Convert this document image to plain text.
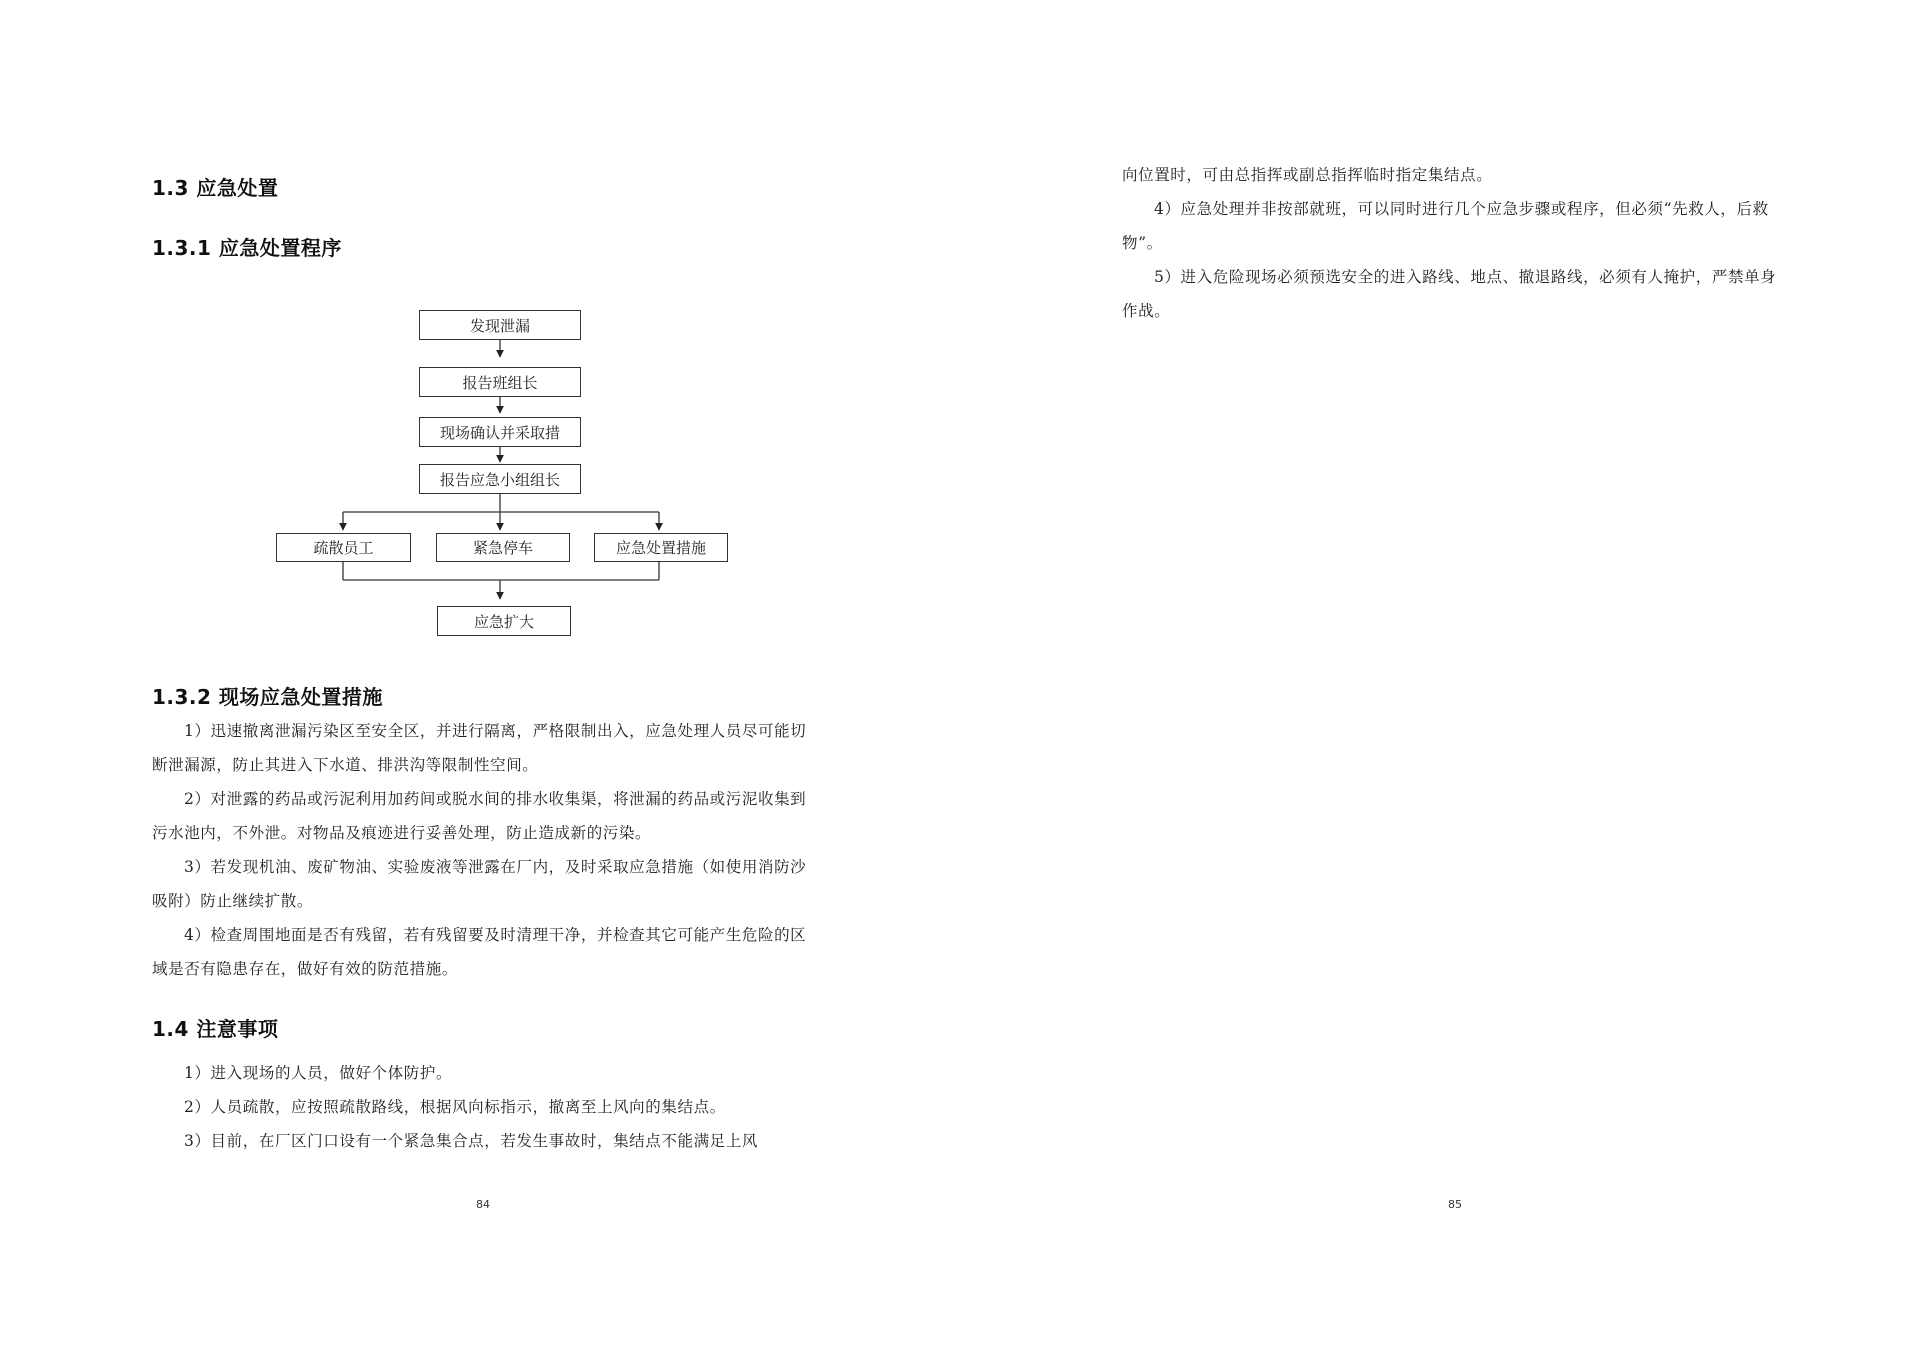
1.3 应急处置
1.3.1 应急处置程序
发现泄漏
报告班组长
现场确认并采取措
报告应急小组组长
疏散员工	紧急停车	应急处置措施
应急扩大
1.3.2 现场应急处置措施

1）迅速撤离泄漏污染区至安全区，并进行隔离，严格限制出入，应急处理人员尽可能切断泄漏源，防止其进入下水道、排洪沟等限制性空间。

2）对泄露的药品或污泥利用加药间或脱水间的排水收集渠，将泄漏的药品或污泥收集到污水池内，不外泄。对物品及痕迹进行妥善处理，防止造成新的污染。

3）若发现机油、废矿物油、实验废液等泄露在厂内，及时采取应急措施（如使用消防沙吸附）防止继续扩散。

4）检查周围地面是否有残留，若有残留要及时清理干净，并检查其它可能产生危险的区域是否有隐患存在，做好有效的防范措施。

1.4 注意事项

1）进入现场的人员，做好个体防护。

2）人员疏散，应按照疏散路线，根据风向标指示，撤离至上风向的集结点。

3）目前，在厂区门口设有一个紧急集合点，若发生事故时，集结点不能满足上风

84

向位置时，可由总指挥或副总指挥临时指定集结点。

4）应急处理并非按部就班，可以同时进行几个应急步骤或程序，但必须“先救人，后救物”。

5）进入危险现场必须预选安全的进入路线、地点、撤退路线，必须有人掩护，严禁单身作战。

85
